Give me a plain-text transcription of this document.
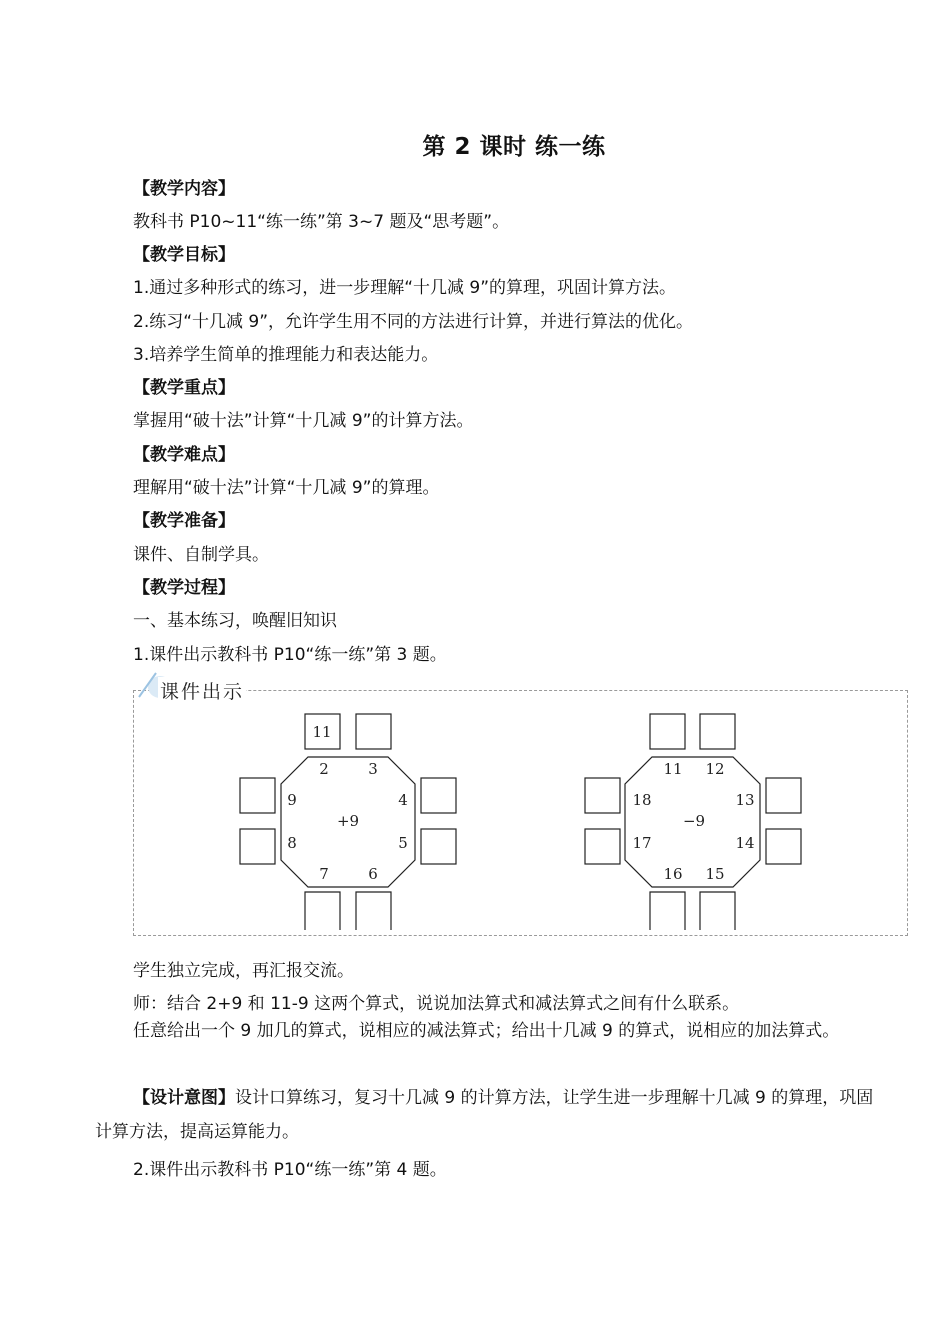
第 2 课时 练一练
【教学内容】
教科书 P10~11“练一练”第 3~7 题及“思考题”。
【教学目标】
1.通过多种形式的练习，进一步理解“十几减 9”的算理，巩固计算方法。
2.练习“十几减 9”，允许学生用不同的方法进行计算，并进行算法的优化。
3.培养学生简单的推理能力和表达能力。
【教学重点】
掌握用“破十法”计算“十几减 9”的计算方法。
【教学难点】
理解用“破十法”计算“十几减 9”的算理。
【教学准备】
课件、自制学具。
【教学过程】
一、基本练习，唤醒旧知识
1.课件出示教科书 P10“练一练”第 3 题。
课件出示
11
2	3
4
5
6
7
8
9
+9
11 12
13
14
15
16
17
18
−9
学生独立完成，再汇报交流。
师：结合 2+9 和 11-9 这两个算式，说说加法算式和减法算式之间有什么联系。
任意给出一个 9 加几的算式，说相应的减法算式；给出十几减 9 的算式，说相应的加法算式。
【设计意图】设计口算练习，复习十几减 9 的计算方法，让学生进一步理解十几减 9 的算理，巩固计算方法，提高运算能力。
2.课件出示教科书 P10“练一练”第 4 题。
